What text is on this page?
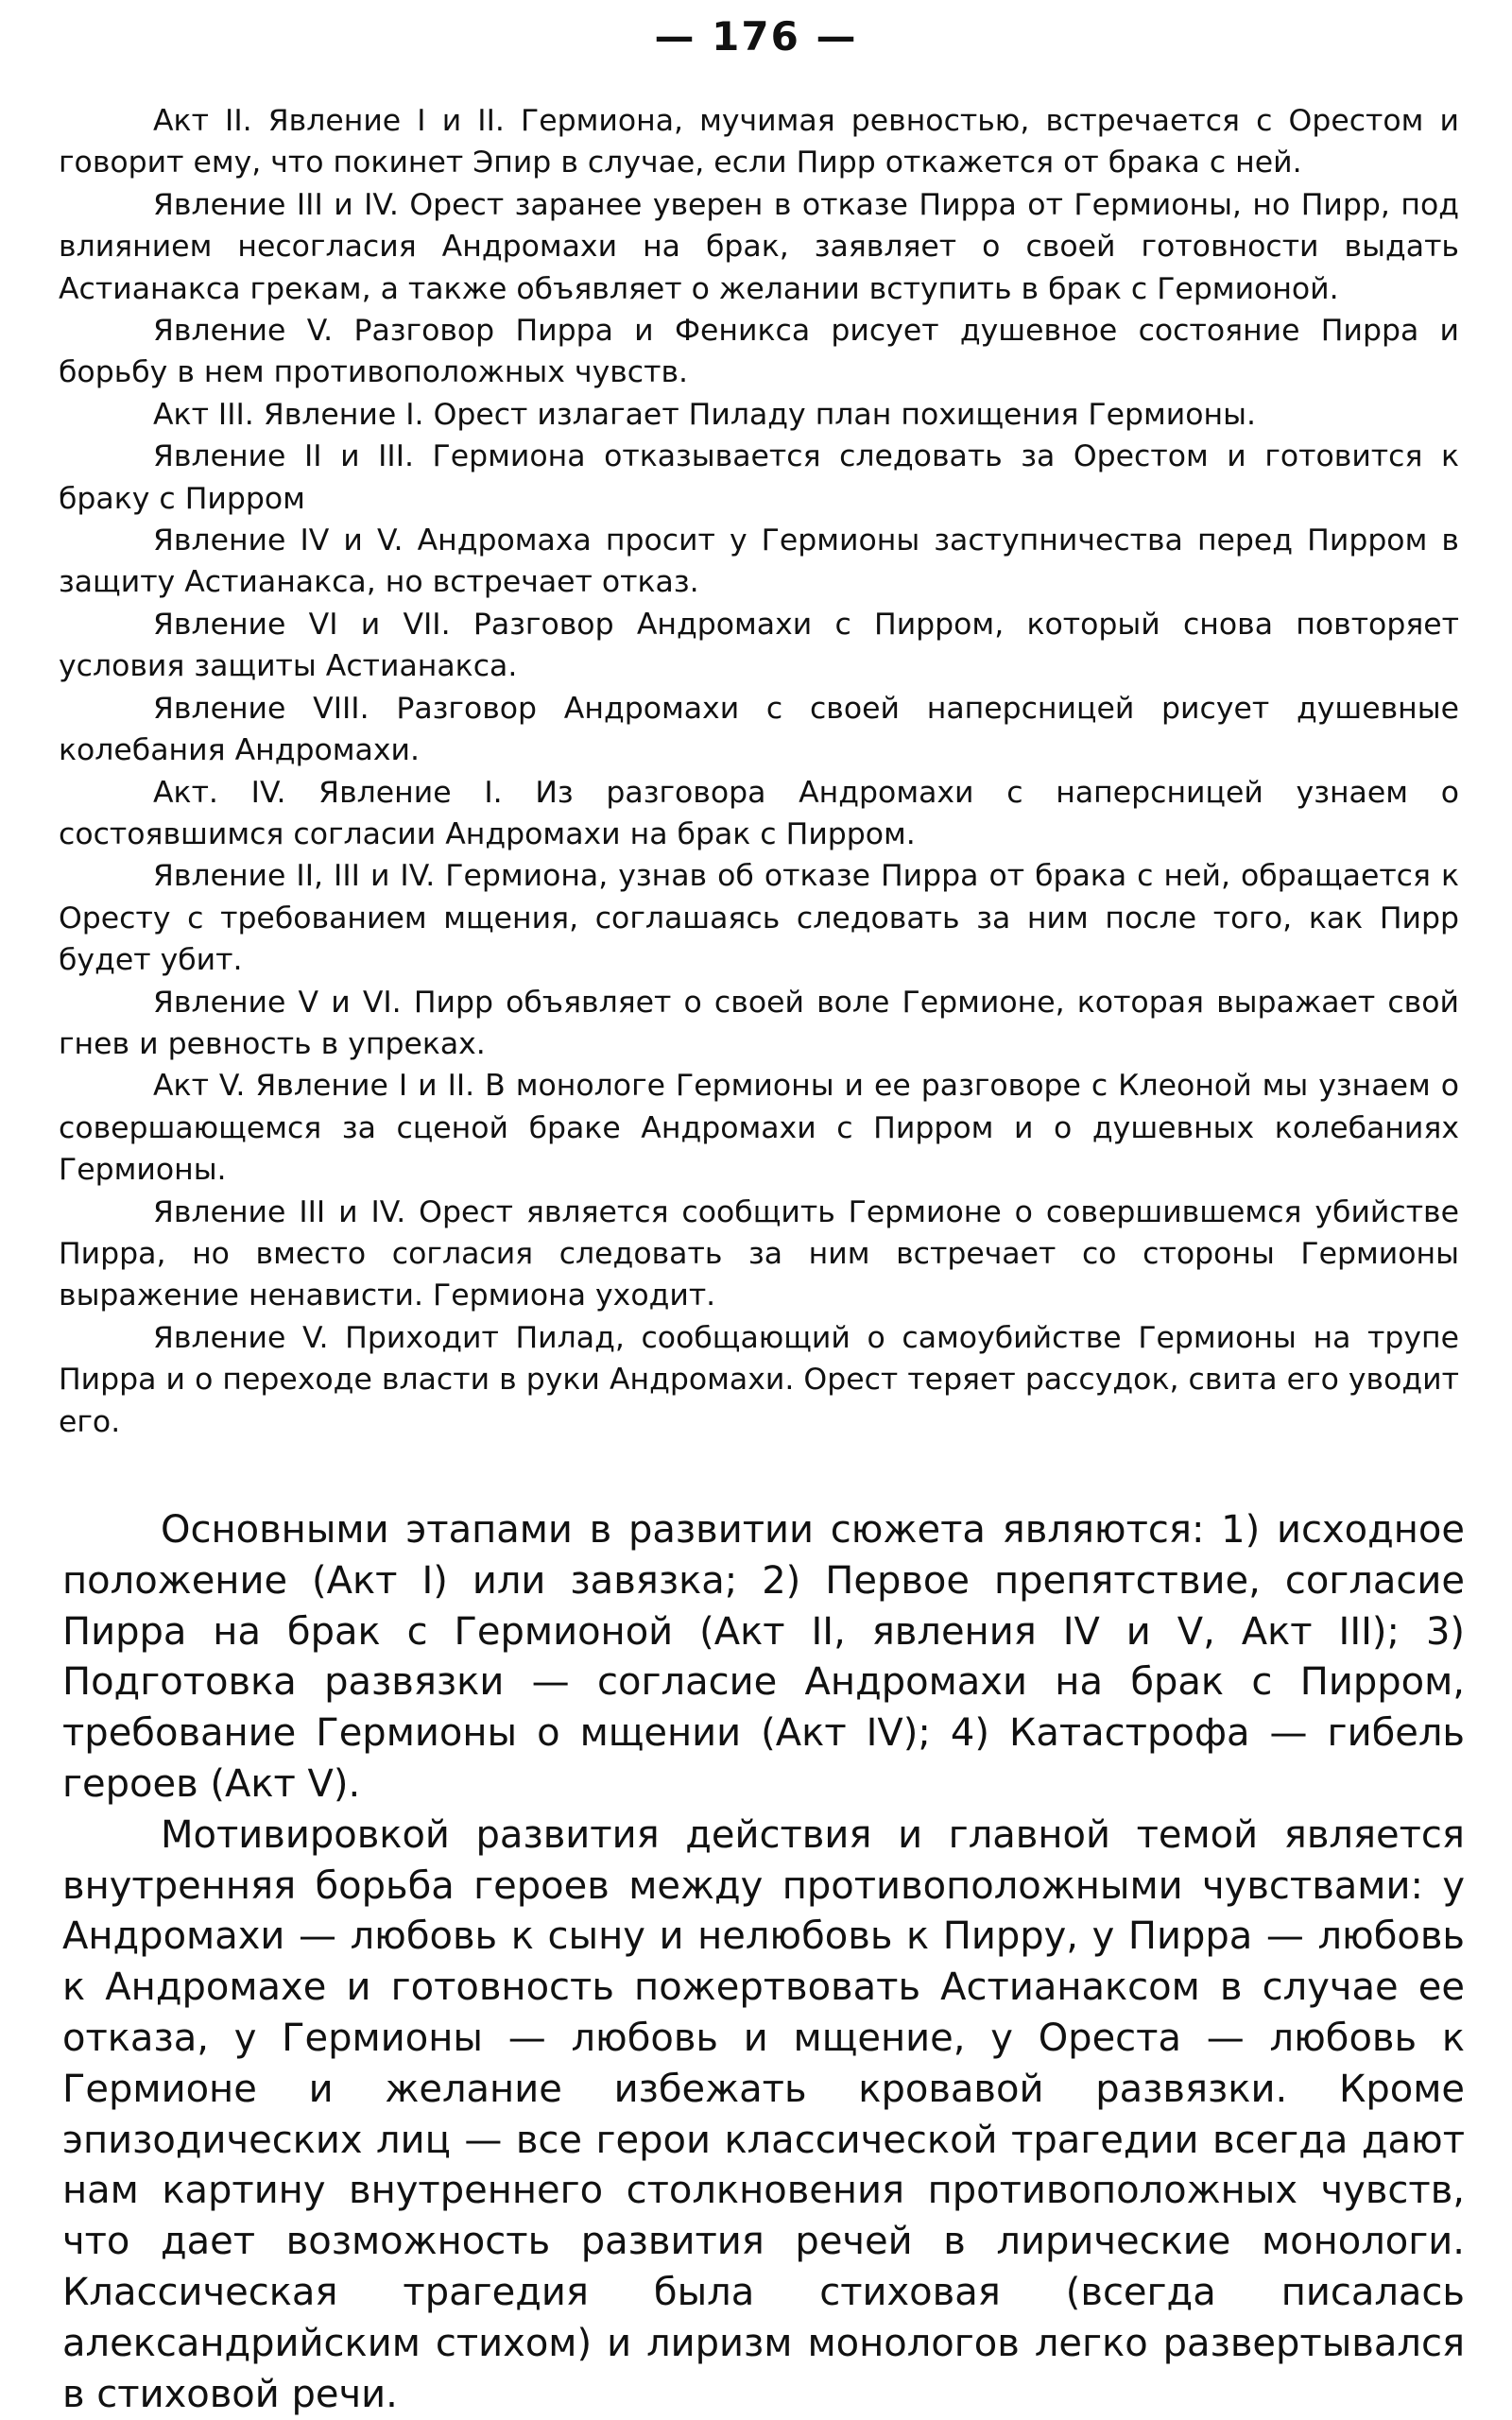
— 176 —

Акт II. Явление I и II. Гермиона, мучимая ревностью, встречается с Орестом и говорит ему, что покинет Эпир в случае, если Пирр откажется от брака с ней.

Явление III и IV. Орест заранее уверен в отказе Пирра от Гермионы, но Пирр, под влиянием несогласия Андромахи на брак, заявляет о своей готовности выдать Астианакса грекам, а также объявляет о желании вступить в брак с Гермионой.

Явление V. Разговор Пирра и Феникса рисует душевное состояние Пирра и борьбу в нем противоположных чувств.

Акт III. Явление I. Орест излагает Пиладу план похищения Гермионы.

Явление II и III. Гермиона отказывается следовать за Орестом и готовится к браку с Пирром

Явление IV и V. Андромаха просит у Гермионы заступничества перед Пирром в защиту Астианакса, но встречает отказ.

Явление VI и VII. Разговор Андромахи с Пирром, который снова повторяет условия защиты Астианакса.

Явление VIII. Разговор Андромахи с своей наперсницей рисует душевные колебания Андромахи.

Акт. IV. Явление I. Из разговора Андромахи с наперсницей узнаем о состоявшимся согласии Андромахи на брак с Пирром.

Явление II, III и IV. Гермиона, узнав об отказе Пирра от брака с ней, обращается к Оресту с требованием мщения, соглашаясь следовать за ним после того, как Пирр будет убит.

Явление V и VI. Пирр объявляет о своей воле Гермионе, которая выражает свой гнев и ревность в упреках.

Акт V. Явление I и II. В монологе Гермионы и ее разговоре с Клеоной мы узнаем о совершающемся за сценой браке Андромахи с Пирром и о душевных колебаниях Гермионы.

Явление III и IV. Орест является сообщить Гермионе о совершившемся убийстве Пирра, но вместо согласия следовать за ним встречает со стороны Гермионы выражение ненависти. Гермиона уходит.

Явление V. Приходит Пилад, сообщающий о самоубийстве Гермионы на трупе Пирра и о переходе власти в руки Андромахи. Орест теряет рассудок, свита его уводит его.

Основными этапами в развитии сюжета являются: 1) исходное положение (Акт I) или завязка; 2) Первое препятствие, согласие Пирра на брак с Гермионой (Акт II, явления IV и V, Акт III); 3) Подготовка развязки — согласие Андромахи на брак с Пирром, требование Гермионы о мщении (Акт IV); 4) Катастрофа — гибель героев (Акт V).

Мотивировкой развития действия и главной темой является внутренняя борьба героев между противоположными чувствами: у Андромахи — любовь к сыну и нелюбовь к Пирру, у Пирра — любовь к Андромахе и готовность пожертвовать Астианаксом в случае ее отказа, у Гермионы — любовь и мщение, у Ореста — любовь к Гермионе и желание избежать кровавой развязки. Кроме эпизодических лиц — все герои классической трагедии всегда дают нам картину внутреннего столкновения противоположных чувств, что дает возможность развития речей в лирические монологи. Классическая трагедия была стиховая (всегда писалась александрийским стихом) и лиризм монологов легко развертывался в стиховой речи.
